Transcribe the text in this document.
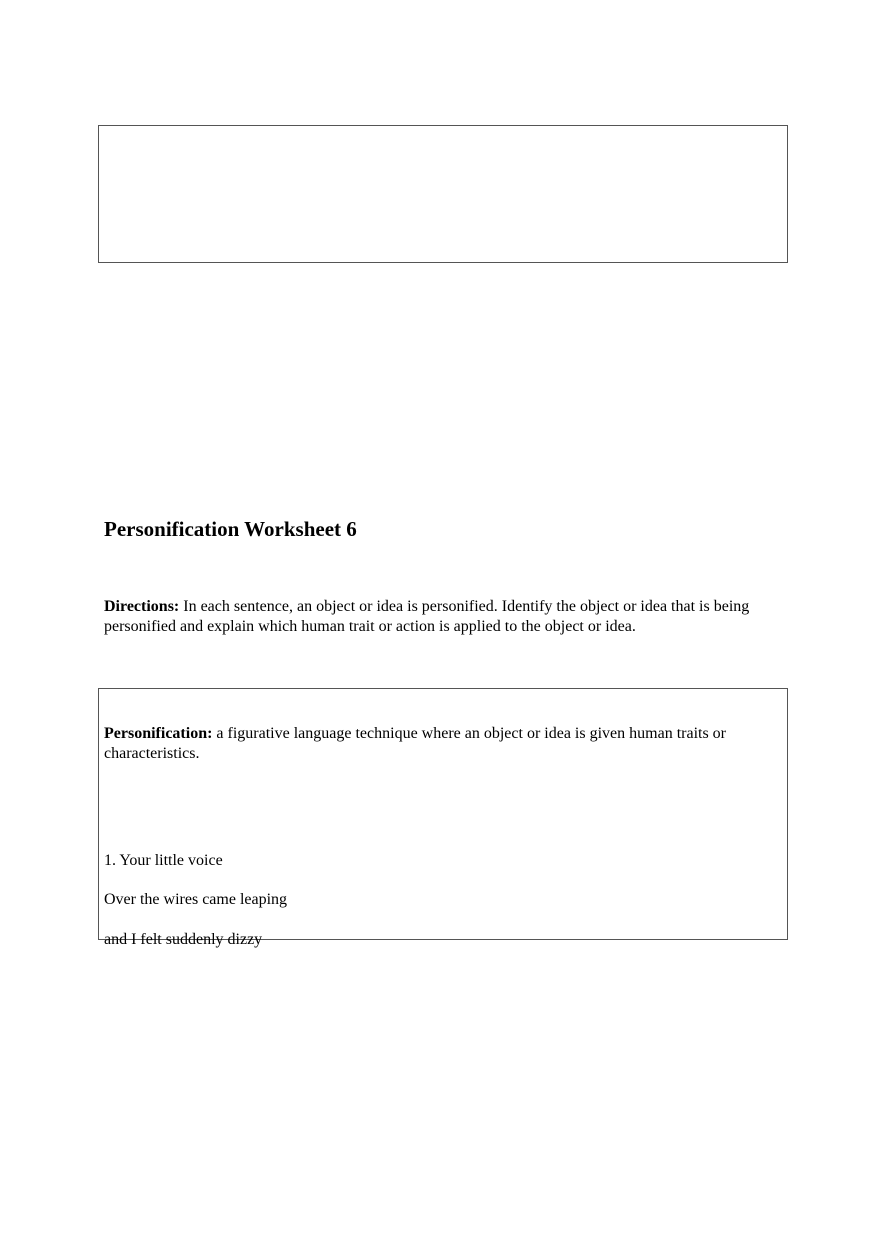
Personification Worksheet 6

Directions: In each sentence, an object or idea is personified. Identify the object or idea that is being personified and explain which human trait or action is applied to the object or idea.

Personification: a figurative language technique where an object or idea is given human traits or characteristics.

1. Your little voice

Over the wires came leaping

and I felt suddenly dizzy
